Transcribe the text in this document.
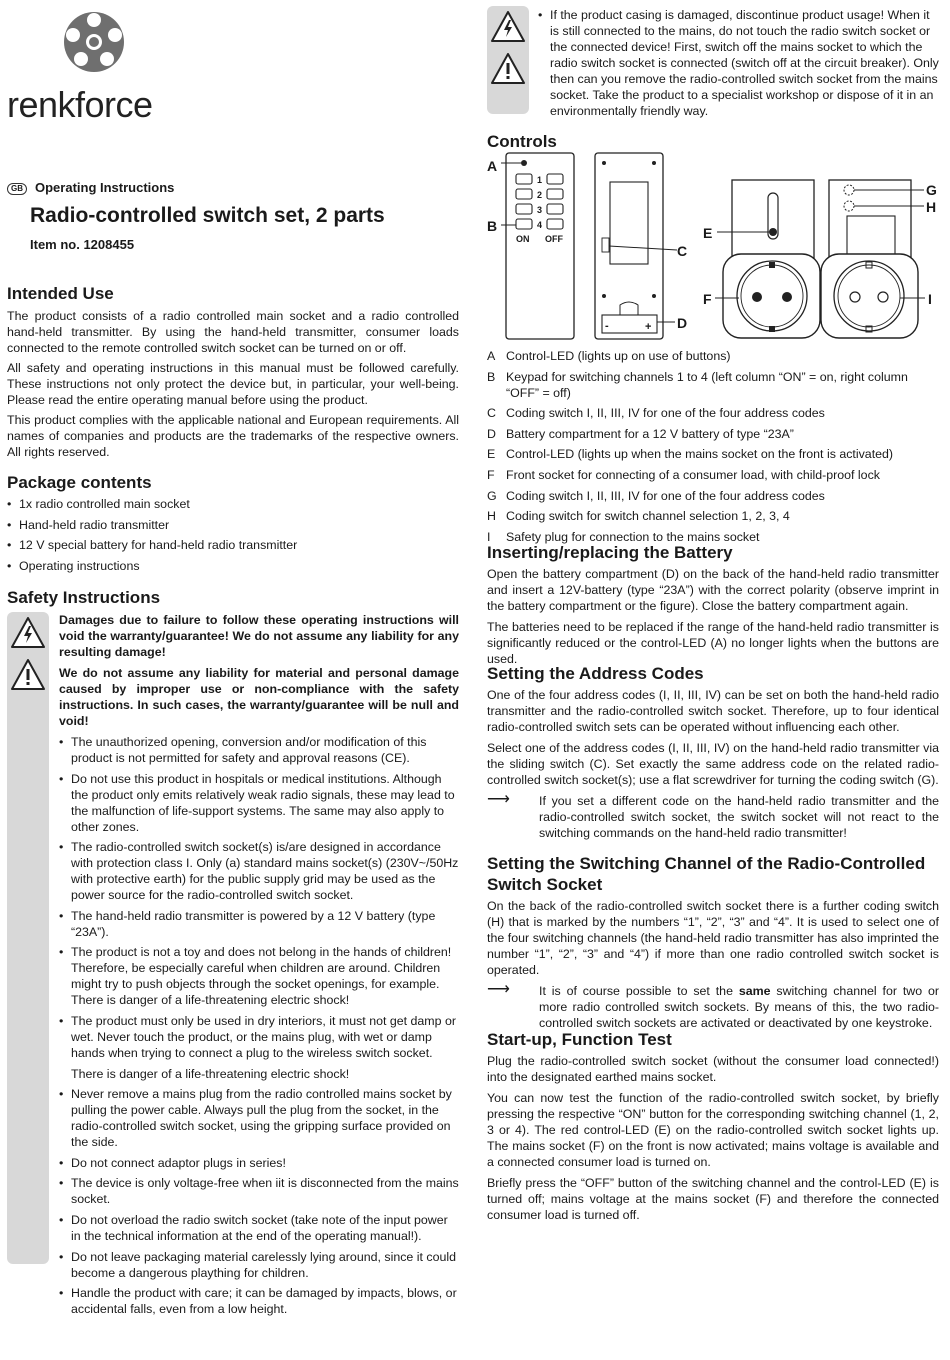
renkforce
GB Operating Instructions
Radio-controlled switch set, 2 parts
Item no. 1208455
Intended Use

The product consists of a radio controlled main socket and a radio controlled hand-held transmitter. By using the hand-held transmitter, consumer loads connected to the remote controlled switch socket can be turned on or off.

All safety and operating instructions in this manual must be followed carefully. These instructions not only protect the device but, in particular, your well-being. Please read the entire operating manual before using the product.

This product complies with the applicable national and European requirements. All names of companies and products are the trademarks of the respective owners. All rights reserved.

Package contents
• 1x radio controlled main socket
• Hand-held radio transmitter
• 12 V special battery for hand-held radio transmitter
• Operating instructions
Safety Instructions

Damages due to failure to follow these operating instructions will void the warranty/guarantee! We do not assume any liability for any resulting damage!

We do not assume any liability for material and personal damage caused by improper use or non-compliance with the safety instructions. In such cases, the warranty/guarantee will be null and void!

• The unauthorized opening, conversion and/or modification of this product is not permitted for safety and approval reasons (CE).
• Do not use this product in hospitals or medical institutions. Although the product only emits relatively weak radio signals, these may lead to the malfunction of life-support systems. The same may also apply to other zones.
• The radio-controlled switch socket(s) is/are designed in accordance with protection class I. Only (a) standard mains socket(s) (230V~/50Hz with protective earth) for the public supply grid may be used as the power source for the radio-controlled switch socket.
• The hand-held radio transmitter is powered by a 12 V battery (type “23A”).
• The product is not a toy and does not belong in the hands of children! Therefore, be especially careful when children are around. Children might try to push objects through the socket openings, for example. There is danger of a life-threatening electric shock!
• The product must only be used in dry interiors, it must not get damp or wet. Never touch the product, or the mains plug, with wet or damp hands when trying to connect a plug to the wireless switch socket.

There is danger of a life-threatening electric shock!

• Never remove a mains plug from the radio controlled mains socket by pulling the power cable. Always pull the plug from the socket, in the radio-controlled switch socket, using the gripping surface provided on the side.
• Do not connect adaptor plugs in series!
• The device is only voltage-free when iit is disconnected from the mains socket.
• Do not overload the radio switch socket (take note of the input power in the technical information at the end of the operating manual!).
• Do not leave packaging material carelessly lying around, since it could become a dangerous plaything for children.
• Handle the product with care; it can be damaged by impacts, blows, or accidental falls, even from a low height.
• If the product casing is damaged, discontinue product usage! When it is still connected to the mains, do not touch the radio switch socket or the connected device! First, switch off the mains socket to which the radio switch socket is connected (switch off at the circuit breaker). Only then can you remove the radio-controlled switch socket from the mains socket. Take the product to a specialist workshop or dispose of it in an environmentally friendly way.
Controls
1
2
3
4
ON OFF
-	+
A
B
C
D
E
F
G
H
I
A Control-LED (lights up on use of buttons)
B Keypad for switching channels 1 to 4 (left column “ON” = on, right column “OFF” = off)
C Coding switch I, II, III, IV for one of the four address codes
D Battery compartment for a 12 V battery of type “23A”
E Control-LED (lights up when the mains socket on the front is activated)
F Front socket for connecting of a consumer load, with child-proof lock
G Coding switch I, II, III, IV for one of the four address codes
H Coding switch for switch channel selection 1, 2, 3, 4
I	Safety plug for connection to the mains socket
Inserting/replacing the Battery

Open the battery compartment (D) on the back of the hand-held radio transmitter and insert a 12V-battery (type “23A”) with the correct polarity (observe imprint in the battery compartment or the figure). Close the battery compartment again.

The batteries need to be replaced if the range of the hand-held radio transmitter is significantly reduced or the control-LED (A) no longer lights when the buttons are used.

Setting the Address Codes

One of the four address codes (I, II, III, IV) can be set on both the hand-held radio transmitter and the radio-controlled switch socket. Therefore, up to four identical radio-controlled switch sets can be operated without influencing each other.

Select one of the address codes (I, II, III, IV) on the hand-held radio transmitter via the sliding switch (C). Set exactly the same address code on the related radio-controlled switch socket(s); use a flat screwdriver for turning the coding switch (G).

⟶	If you set a different code on the hand-held radio transmitter and the radio-controlled switch socket, the switch socket will not react to the switching commands on the hand-held radio transmitter!

Setting the Switching Channel of the Radio-Controlled
Switch Socket

On the back of the radio-controlled switch socket there is a further coding switch (H) that is marked by the numbers “1”, “2”, “3” and “4”. It is used to select one of the four switching channels (the hand-held radio transmitter has also imprinted the number “1”, “2”, “3” and “4”) if more than one radio controlled switch socket is operated.

⟶	It is of course possible to set the same switching channel for two or more radio controlled switch sockets. By means of this, the two radio-controlled switch sockets are activated or deactivated by one keystroke.

Start-up, Function Test

Plug the radio-controlled switch socket (without the consumer load connected!) into the designated earthed mains socket.

You can now test the function of the radio-controlled switch socket, by briefly pressing the respective “ON” button for the corresponding switching channel (1, 2, 3 or 4). The red control-LED (E) on the radio-controlled switch socket lights up. The mains socket (F) on the front is now activated; mains voltage is available and a connected consumer load is turned on.

Briefly press the “OFF” button of the switching channel and the control-LED (E) is turned off; mains voltage at the mains socket (F) and therefore the connected consumer load is turned off.
